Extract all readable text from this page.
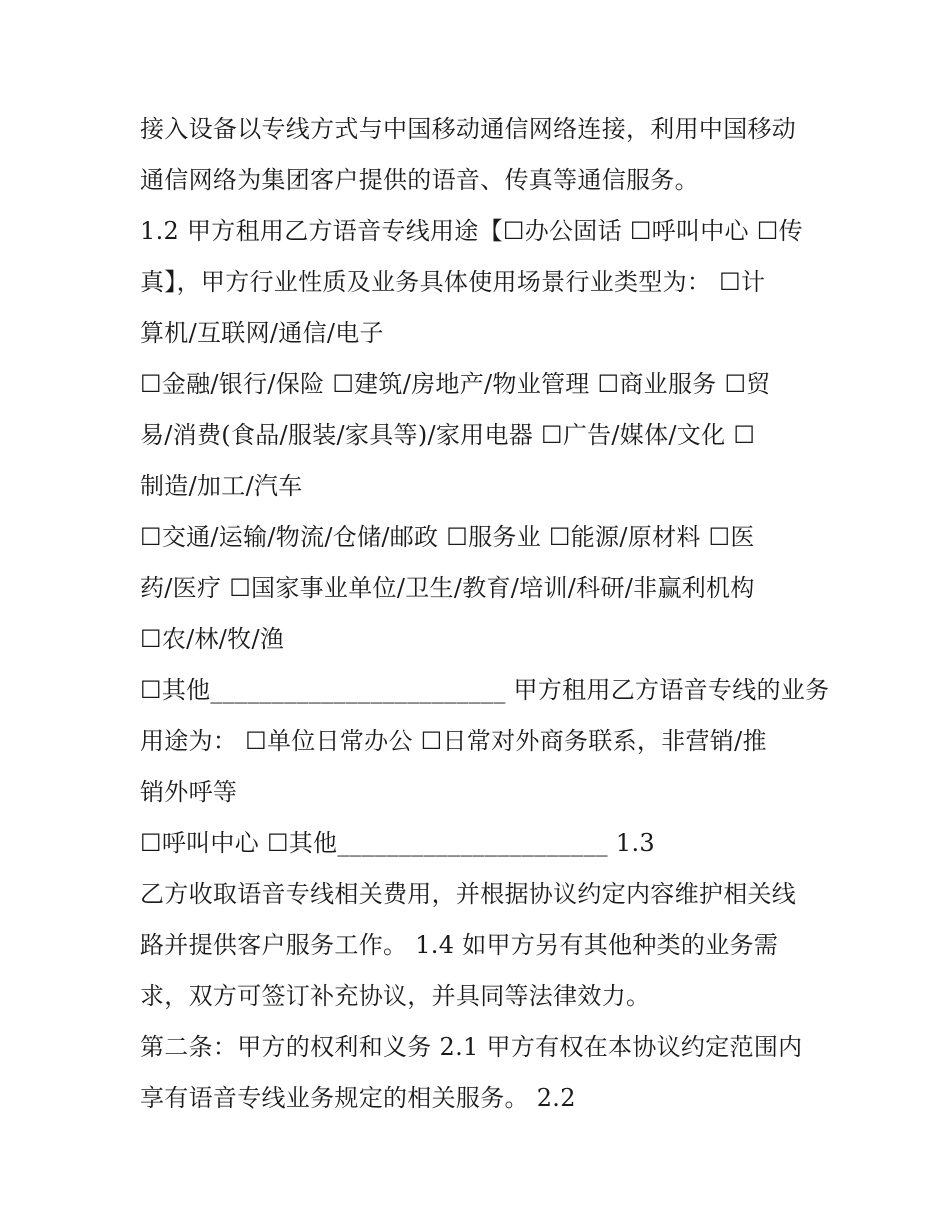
接入设备以专线方式与中国移动通信网络连接，利用中国移动
通信网络为集团客户提供的语音、传真等通信服务。
1.2 甲方租用乙方语音专线用途【☐办公固话 ☐呼叫中心 ☐传
真】，甲方行业性质及业务具体使用场景行业类型为： ☐计
算机/互联网/通信/电子
☐金融/银行/保险 ☐建筑/房地产/物业管理 ☐商业服务 ☐贸
易/消费(食品/服装/家具等)/家用电器 ☐广告/媒体/文化 ☐
制造/加工/汽车
☐交通/运输/物流/仓储/邮政 ☐服务业 ☐能源/原材料 ☐医
药/医疗 ☐国家事业单位/卫生/教育/培训/科研/非赢利机构
☐农/林/牧/渔
☐其他________________________ 甲方租用乙方语音专线的业务
用途为： ☐单位日常办公 ☐日常对外商务联系，非营销/推
销外呼等
☐呼叫中心 ☐其他______________________ 1.3
乙方收取语音专线相关费用，并根据协议约定内容维护相关线
路并提供客户服务工作。 1.4 如甲方另有其他种类的业务需
求，双方可签订补充协议，并具同等法律效力。
第二条：甲方的权利和义务 2.1 甲方有权在本协议约定范围内
享有语音专线业务规定的相关服务。 2.2
